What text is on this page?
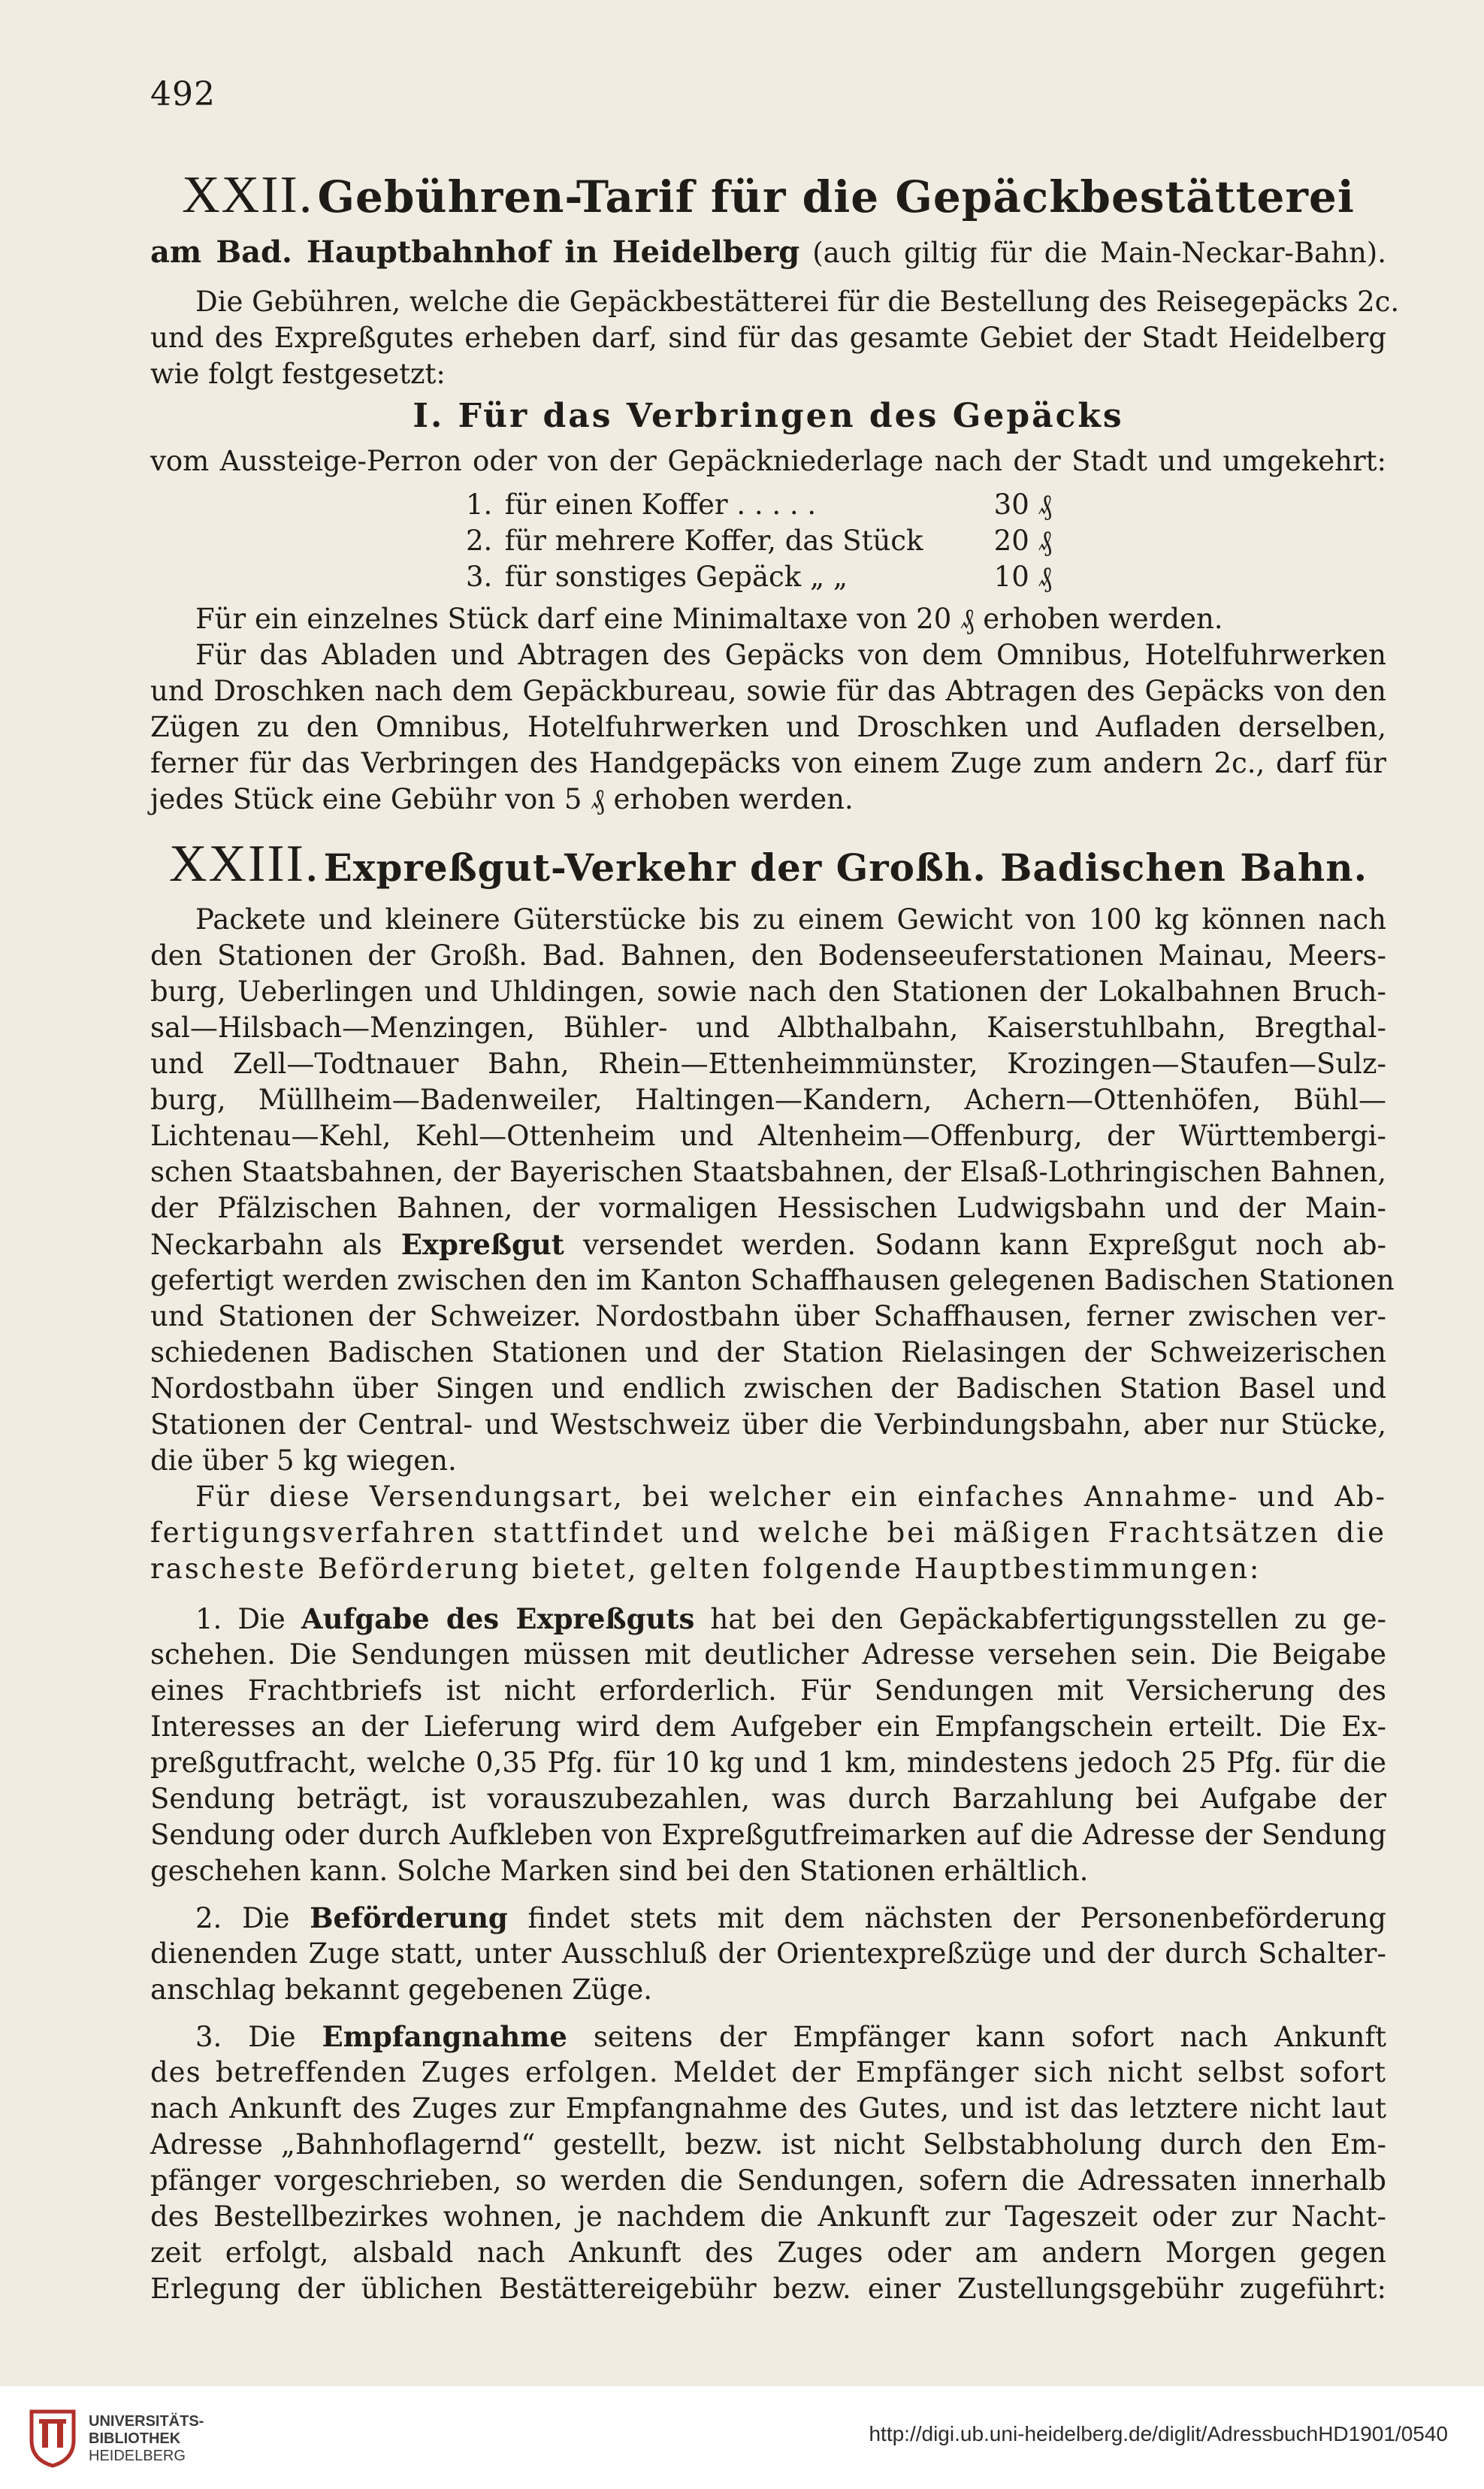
492
XXII. Gebühren-Tarif für die Gepäckbestätterei
am Bad. Hauptbahnhof in Heidelberg (auch giltig für die Main-Neckar-Bahn).
Die Gebühren, welche die Gepäckbestätterei für die Bestellung des Reisegepäcks 2c.
und des Expreßgutes erheben darf, sind für das gesamte Gebiet der Stadt Heidelberg
wie folgt festgesetzt:
I. Für das Verbringen des Gepäcks
vom Aussteige-Perron oder von der Gepäckniederlage nach der Stadt und umgekehrt:
1. für einen Koffer . . . . .	30 ₰
2. für mehrere Koffer, das Stück	20 ₰
3. für sonstiges Gepäck „ „	10 ₰
Für ein einzelnes Stück darf eine Minimaltaxe von 20 ₰ erhoben werden.
Für das Abladen und Abtragen des Gepäcks von dem Omnibus, Hotelfuhrwerken
und Droschken nach dem Gepäckbureau, sowie für das Abtragen des Gepäcks von den
Zügen zu den Omnibus, Hotelfuhrwerken und Droschken und Aufladen derselben,
ferner für das Verbringen des Handgepäcks von einem Zuge zum andern 2c., darf für
jedes Stück eine Gebühr von 5 ₰ erhoben werden.
XXIII. Expreßgut-Verkehr der Großh. Badischen Bahn.
Packete und kleinere Güterstücke bis zu einem Gewicht von 100 kg können nach
den Stationen der Großh. Bad. Bahnen, den Bodenseeuferstationen Mainau, Meers-
burg, Ueberlingen und Uhldingen, sowie nach den Stationen der Lokalbahnen Bruch-
sal—Hilsbach—Menzingen, Bühler- und Albthalbahn, Kaiserstuhlbahn, Bregthal-
und Zell—Todtnauer Bahn, Rhein—Ettenheimmünster, Krozingen—Staufen—Sulz-
burg, Müllheim—Badenweiler, Haltingen—Kandern, Achern—Ottenhöfen, Bühl—
Lichtenau—Kehl, Kehl—Ottenheim und Altenheim—Offenburg, der Württembergi-
schen Staatsbahnen, der Bayerischen Staatsbahnen, der Elsaß-Lothringischen Bahnen,
der Pfälzischen Bahnen, der vormaligen Hessischen Ludwigsbahn und der Main-
Neckarbahn als Expreßgut versendet werden. Sodann kann Expreßgut noch ab-
gefertigt werden zwischen den im Kanton Schaffhausen gelegenen Badischen Stationen
und Stationen der Schweizer. Nordostbahn über Schaffhausen, ferner zwischen ver-
schiedenen Badischen Stationen und der Station Rielasingen der Schweizerischen
Nordostbahn über Singen und endlich zwischen der Badischen Station Basel und
Stationen der Central- und Westschweiz über die Verbindungsbahn, aber nur Stücke,
die über 5 kg wiegen.
Für diese Versendungsart, bei welcher ein einfaches Annahme- und Ab-
fertigungsverfahren stattfindet und welche bei mäßigen Frachtsätzen die
rascheste Beförderung bietet, gelten folgende Hauptbestimmungen:
1. Die Aufgabe des Expreßguts hat bei den Gepäckabfertigungsstellen zu ge-
schehen. Die Sendungen müssen mit deutlicher Adresse versehen sein. Die Beigabe
eines Frachtbriefs ist nicht erforderlich. Für Sendungen mit Versicherung des
Interesses an der Lieferung wird dem Aufgeber ein Empfangschein erteilt. Die Ex-
preßgutfracht, welche 0,35 Pfg. für 10 kg und 1 km, mindestens jedoch 25 Pfg. für die
Sendung beträgt, ist vorauszubezahlen, was durch Barzahlung bei Aufgabe der
Sendung oder durch Aufkleben von Expreßgutfreimarken auf die Adresse der Sendung
geschehen kann. Solche Marken sind bei den Stationen erhältlich.
2. Die Beförderung findet stets mit dem nächsten der Personenbeförderung
dienenden Zuge statt, unter Ausschluß der Orientexpreßzüge und der durch Schalter-
anschlag bekannt gegebenen Züge.
3. Die Empfangnahme seitens der Empfänger kann sofort nach Ankunft
des betreffenden Zuges erfolgen. Meldet der Empfänger sich nicht selbst sofort
nach Ankunft des Zuges zur Empfangnahme des Gutes, und ist das letztere nicht laut
Adresse „Bahnhoflagernd“ gestellt, bezw. ist nicht Selbstabholung durch den Em-
pfänger vorgeschrieben, so werden die Sendungen, sofern die Adressaten innerhalb
des Bestellbezirkes wohnen, je nachdem die Ankunft zur Tageszeit oder zur Nacht-
zeit erfolgt, alsbald nach Ankunft des Zuges oder am andern Morgen gegen
Erlegung der üblichen Bestättereigebühr bezw. einer Zustellungsgebühr zugeführt:
UNIVERSITÄTS-
BIBLIOTHEK
HEIDELBERG
http://digi.ub.uni-heidelberg.de/diglit/AdressbuchHD1901/0540
